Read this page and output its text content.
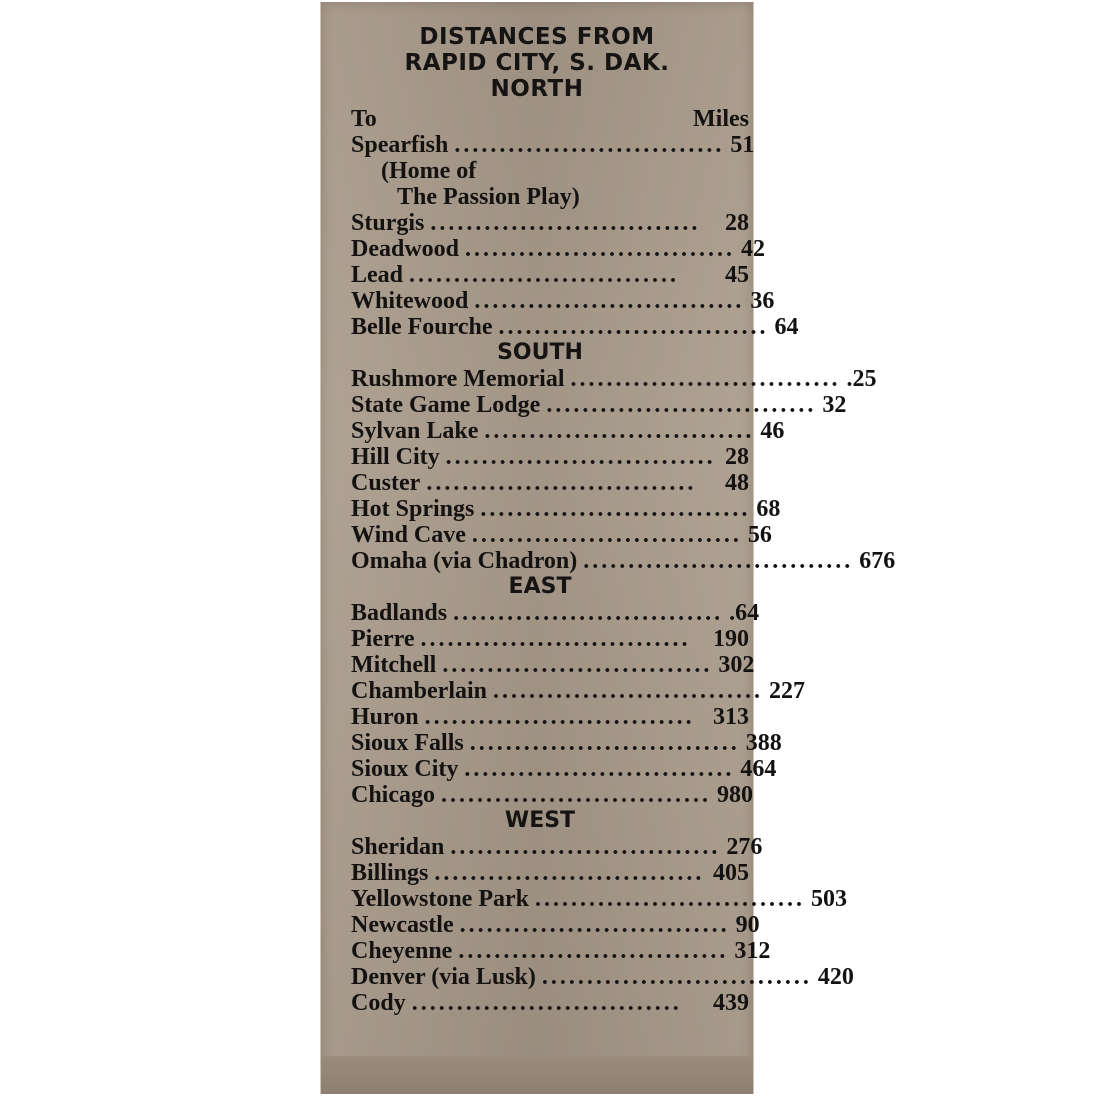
DISTANCES FROM
RAPID CITY, S. DAK.
NORTH
To	Miles
Spearfish .............................. 51
(Home of
The Passion Play)
Sturgis ..............................	28
Deadwood .............................. 42
Lead ..............................	45
Whitewood .............................. 36
Belle Fourche .............................. 64
SOUTH
Rushmore Memorial .............................. .25
State Game Lodge .............................. 32
Sylvan Lake .............................. 46
Hill City .............................. 28
Custer ..............................	48
Hot Springs .............................. 68
Wind Cave .............................. 56
Omaha (via Chadron) .............................. 676
EAST
Badlands .............................. .64
Pierre .............................. 190
Mitchell .............................. 302
Chamberlain .............................. 227
Huron .............................. 313
Sioux Falls .............................. 388
Sioux City .............................. 464
Chicago .............................. 980
WEST
Sheridan .............................. 276
Billings .............................. 405
Yellowstone Park .............................. 503
Newcastle .............................. 90
Cheyenne .............................. 312
Denver (via Lusk) .............................. 420
Cody ..............................	439
